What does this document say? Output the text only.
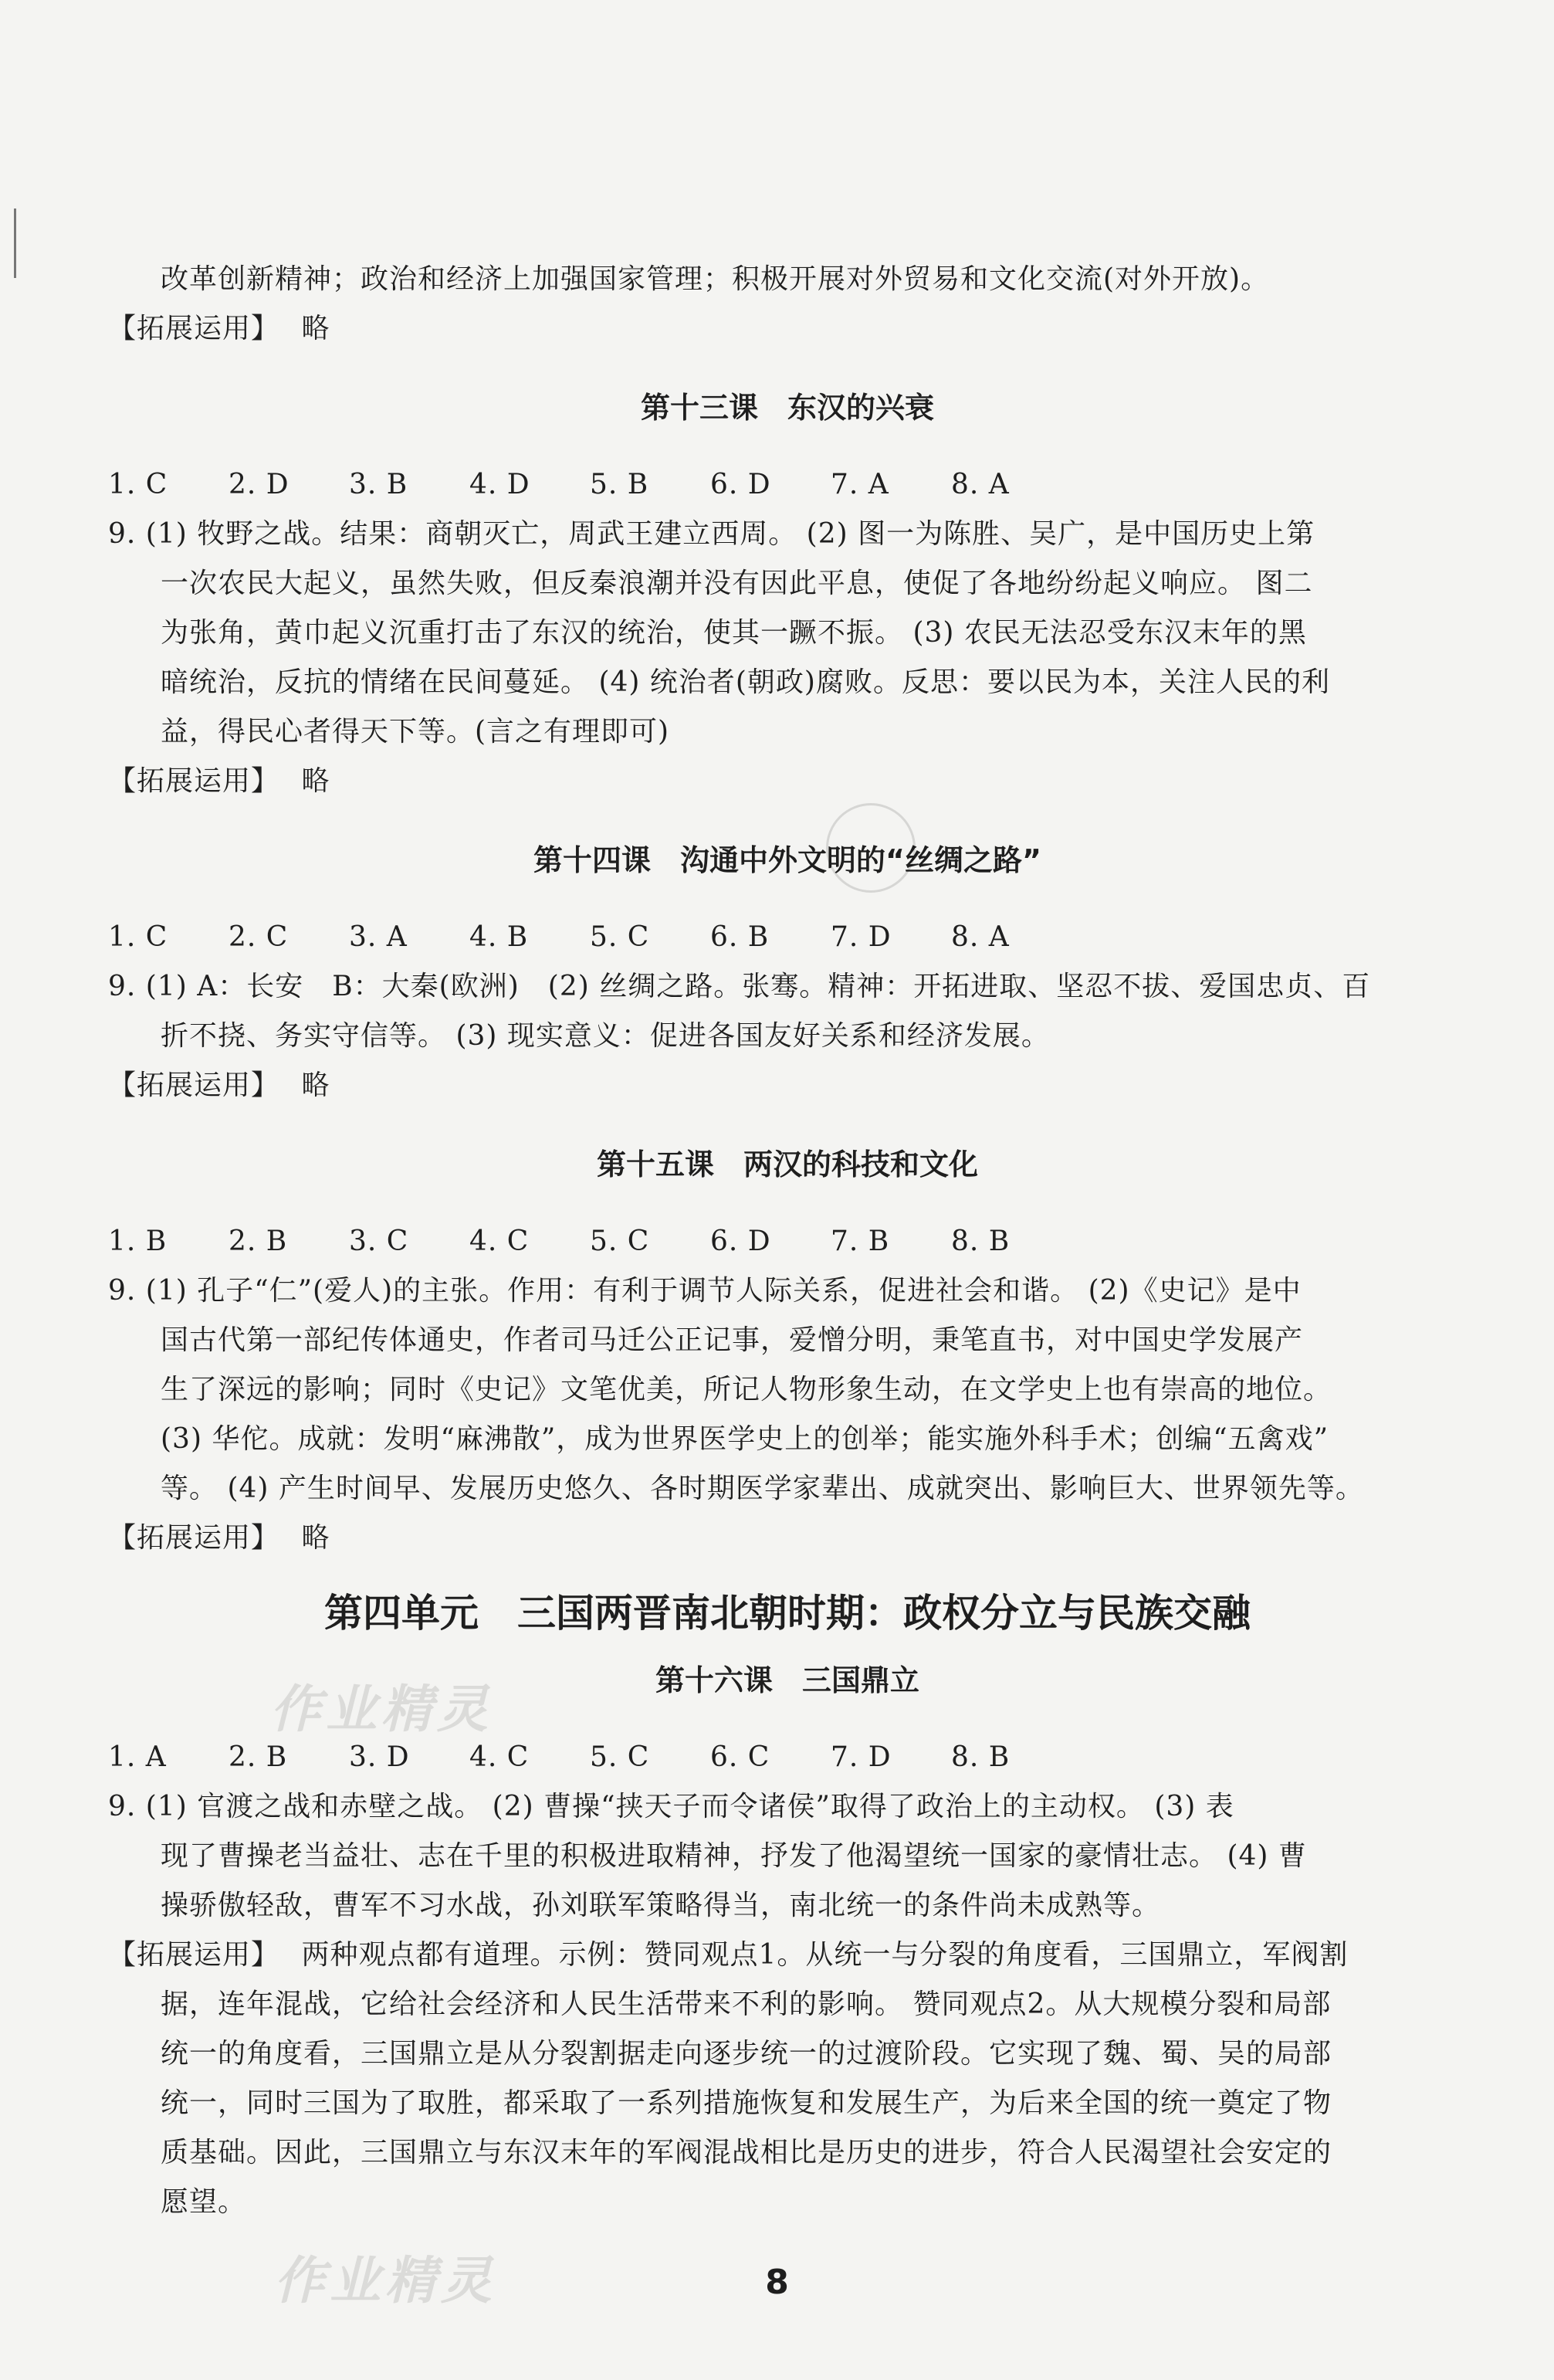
改革创新精神；政治和经济上加强国家管理；积极开展对外贸易和文化交流(对外开放)。
【拓展运用】 略
第十三课　东汉的兴衰
1. C 2. D 3. B 4. D 5. B 6. D 7. A 8. A
9. (1) 牧野之战。结果：商朝灭亡，周武王建立西周。 (2) 图一为陈胜、吴广，是中国历史上第
一次农民大起义，虽然失败，但反秦浪潮并没有因此平息，使促了各地纷纷起义响应。 图二
为张角，黄巾起义沉重打击了东汉的统治，使其一蹶不振。 (3) 农民无法忍受东汉末年的黑
暗统治，反抗的情绪在民间蔓延。 (4) 统治者(朝政)腐败。反思：要以民为本，关注人民的利
益，得民心者得天下等。(言之有理即可)
【拓展运用】 略
第十四课　沟通中外文明的“丝绸之路”
1. C 2. C 3. A 4. B 5. C 6. B 7. D 8. A
9. (1) A：长安　B：大秦(欧洲)　(2) 丝绸之路。张骞。精神：开拓进取、坚忍不拔、爱国忠贞、百
折不挠、务实守信等。 (3) 现实意义：促进各国友好关系和经济发展。
【拓展运用】 略
第十五课　两汉的科技和文化
1. B 2. B 3. C 4. C 5. C 6. D 7. B 8. B
9. (1) 孔子“仁”(爱人)的主张。作用：有利于调节人际关系，促进社会和谐。 (2)《史记》是中
国古代第一部纪传体通史，作者司马迁公正记事，爱憎分明，秉笔直书，对中国史学发展产
生了深远的影响；同时《史记》文笔优美，所记人物形象生动，在文学史上也有崇高的地位。
(3) 华佗。成就：发明“麻沸散”，成为世界医学史上的创举；能实施外科手术；创编“五禽戏”
等。 (4) 产生时间早、发展历史悠久、各时期医学家辈出、成就突出、影响巨大、世界领先等。
【拓展运用】 略
第四单元　三国两晋南北朝时期：政权分立与民族交融
第十六课　三国鼎立
1. A 2. B 3. D 4. C 5. C 6. C 7. D 8. B
9. (1) 官渡之战和赤壁之战。 (2) 曹操“挟天子而令诸侯”取得了政治上的主动权。 (3) 表
现了曹操老当益壮、志在千里的积极进取精神，抒发了他渴望统一国家的豪情壮志。 (4) 曹
操骄傲轻敌，曹军不习水战，孙刘联军策略得当，南北统一的条件尚未成熟等。
【拓展运用】 两种观点都有道理。示例：赞同观点1。从统一与分裂的角度看，三国鼎立，军阀割
据，连年混战，它给社会经济和人民生活带来不利的影响。 赞同观点2。从大规模分裂和局部
统一的角度看，三国鼎立是从分裂割据走向逐步统一的过渡阶段。它实现了魏、蜀、吴的局部
统一，同时三国为了取胜，都采取了一系列措施恢复和发展生产，为后来全国的统一奠定了物
质基础。因此，三国鼎立与东汉末年的军阀混战相比是历史的进步，符合人民渴望社会安定的
愿望。
作业精灵
作业精灵	8
